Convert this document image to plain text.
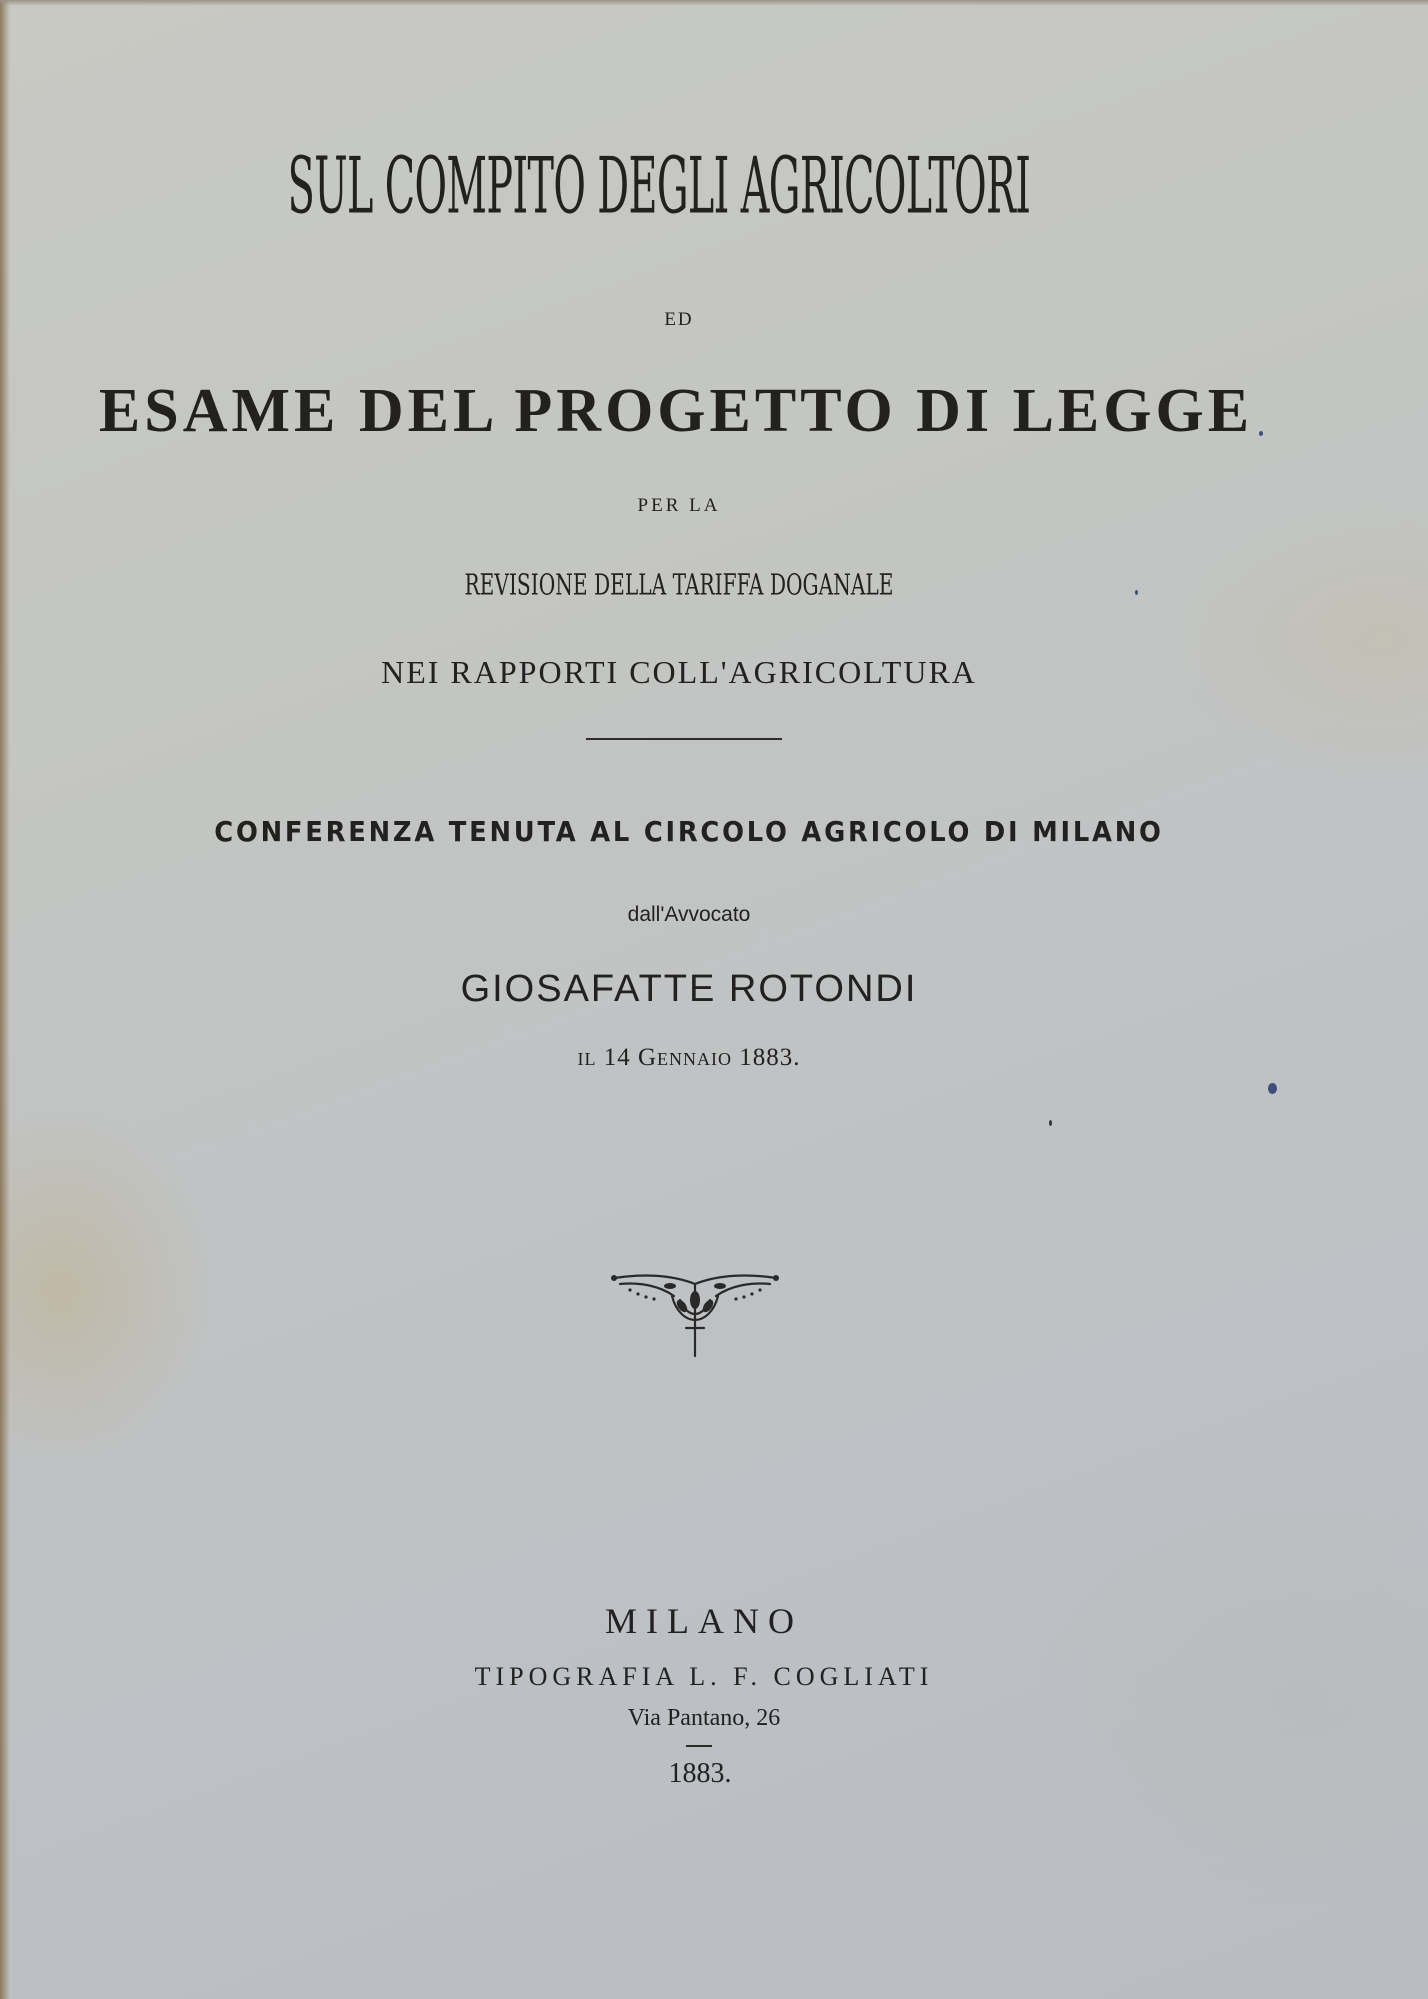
SUL COMPITO DEGLI AGRICOLTORI
ED
ESAME DEL PROGETTO DI LEGGE
PER LA
REVISIONE DELLA TARIFFA DOGANALE
NEI RAPPORTI COLL'AGRICOLTURA
CONFERENZA TENUTA AL CIRCOLO AGRICOLO DI MILANO
dall'Avvocato
GIOSAFATTE ROTONDI
il 14 Gennaio 1883.
MILANO
TIPOGRAFIA L. F. COGLIATI
Via Pantano, 26
1883.
